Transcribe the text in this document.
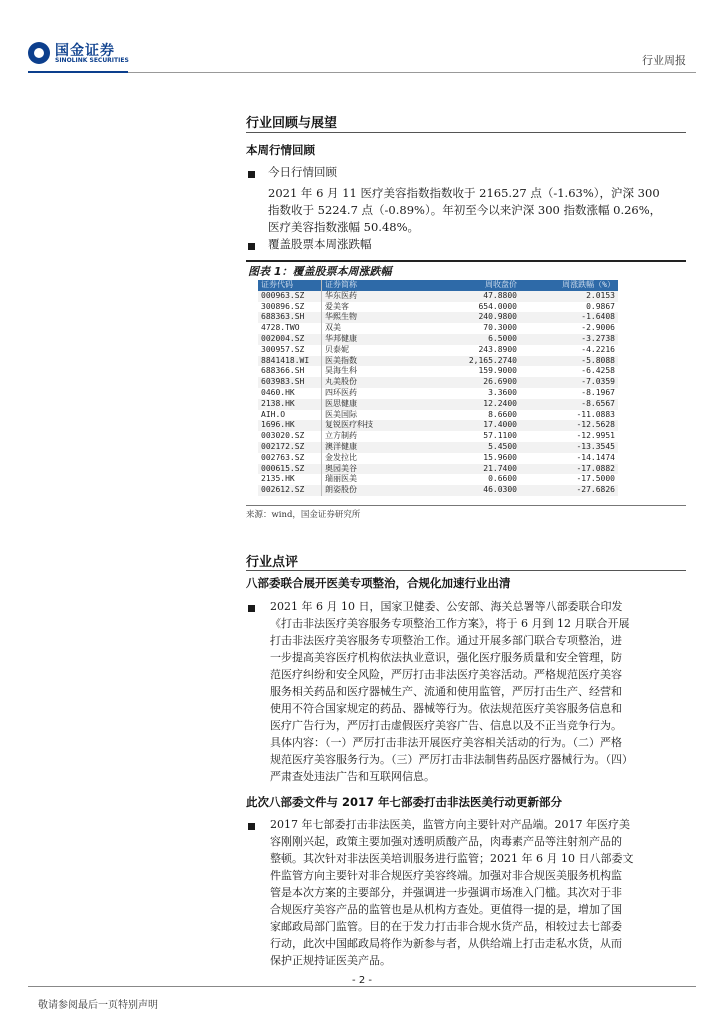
国金证券
SINOLINK SECURITIES	行业周报
行业回顾与展望
本周行情回顾
今日行情回顾
2021 年 6 月 11 医疗美容指数指数收于 2165.27 点（-1.63%），沪深 300
指数收于 5224.7 点（-0.89%）。年初至今以来沪深 300 指数涨幅 0.26%，
医疗美容指数涨幅 50.48%。
覆盖股票本周涨跌幅
图表 1：覆盖股票本周涨跌幅
证券代码	证券简称	周收盘价	周涨跌幅（%）
000963.SZ	华东医药	47.8800	2.0153
300896.SZ	爱美客	654.0000	0.9867
688363.SH	华熙生物	240.9800	-1.6408
4728.TWO	双美	70.3000	-2.9006
002004.SZ	华邦健康	6.5000	-3.2738
300957.SZ	贝泰妮	243.8900	-4.2216
8841418.WI	医美指数	2,165.2740	-5.8088
688366.SH	昊海生科	159.9000	-6.4258
603983.SH	丸美股份	26.6900	-7.0359
0460.HK	四环医药	3.3600	-8.1967
2138.HK	医思健康	12.2400	-8.6567
AIH.O	医美国际	8.6600	-11.0883
1696.HK	复锐医疗科技	17.4000	-12.5628
003020.SZ	立方制药	57.1100	-12.9951
002172.SZ	澳洋健康	5.4500	-13.3545
002763.SZ	金发拉比	15.9600	-14.1474
000615.SZ	奥园美谷	21.7400	-17.0882
2135.HK	瑞丽医美	0.6600	-17.5000
002612.SZ	朗姿股份	46.0300	-27.6826
来源：wind，国金证券研究所
行业点评
八部委联合展开医美专项整治，合规化加速行业出清
2021 年 6 月 10 日，国家卫健委、公安部、海关总署等八部委联合印发
《打击非法医疗美容服务专项整治工作方案》，将于 6 月到 12 月联合开展
打击非法医疗美容服务专项整治工作。通过开展多部门联合专项整治，进
一步提高美容医疗机构依法执业意识，强化医疗服务质量和安全管理，防
范医疗纠纷和安全风险，严厉打击非法医疗美容活动。严格规范医疗美容
服务相关药品和医疗器械生产、流通和使用监管，严厉打击生产、经营和
使用不符合国家规定的药品、器械等行为。依法规范医疗美容服务信息和
医疗广告行为，严厉打击虚假医疗美容广告、信息以及不正当竞争行为。
具体内容：（一）严厉打击非法开展医疗美容相关活动的行为。（二）严格
规范医疗美容服务行为。（三）严厉打击非法制售药品医疗器械行为。（四）
严肃查处违法广告和互联网信息。
此次八部委文件与 2017 年七部委打击非法医美行动更新部分
2017 年七部委打击非法医美，监管方向主要针对产品端。2017 年医疗美
容刚刚兴起，政策主要加强对透明质酸产品，肉毒素产品等注射剂产品的
整顿。其次针对非法医美培训服务进行监管；2021 年 6 月 10 日八部委文
件监管方向主要针对非合规医疗美容终端。加强对非合规医美服务机构监
管是本次方案的主要部分，并强调进一步强调市场准入门槛。其次对于非
合规医疗美容产品的监管也是从机构方查处。更值得一提的是，增加了国
家邮政局部门监管。目的在于发力打击非合规水货产品，相较过去七部委
行动，此次中国邮政局将作为新参与者，从供给端上打击走私水货，从而
保护正规持证医美产品。
- 2 -
敬请参阅最后一页特别声明
